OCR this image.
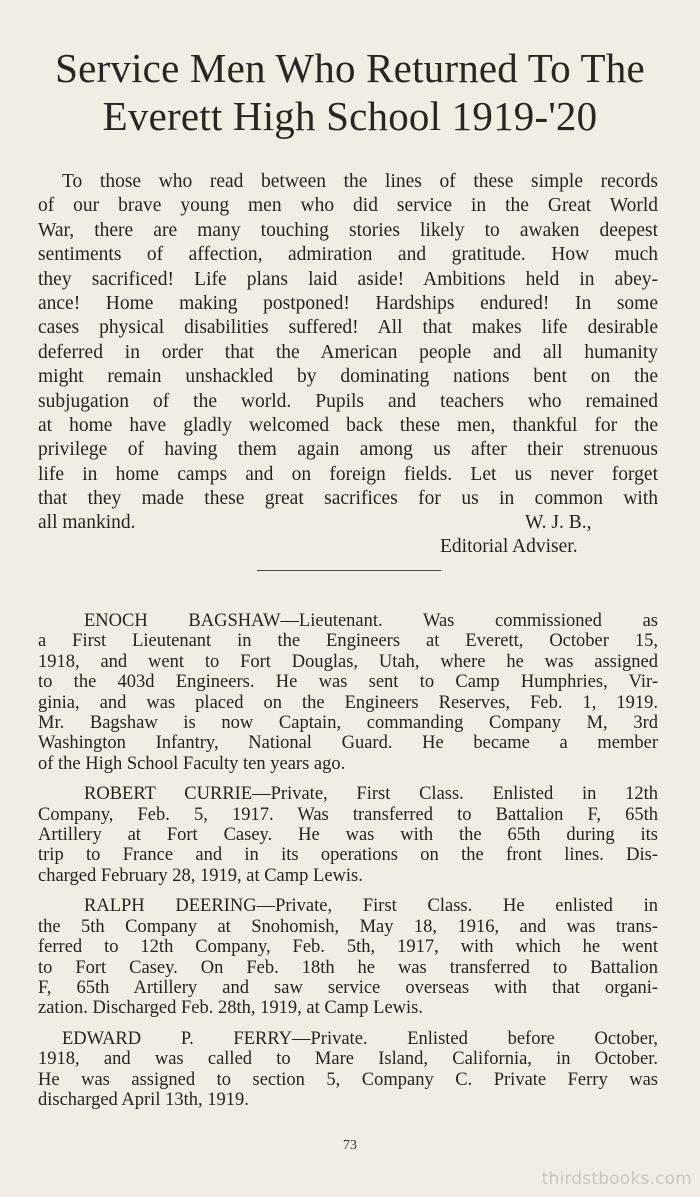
Service Men Who Returned To The
Everett High School 1919-'20
To those who read between the lines of these simple records
of our brave young men who did service in the Great World
War, there are many touching stories likely to awaken deepest
sentiments of affection, admiration and gratitude. How much
they sacrificed! Life plans laid aside! Ambitions held in abey-
ance! Home making postponed! Hardships endured! In some
cases physical disabilities suffered! All that makes life desirable
deferred in order that the American people and all humanity
might remain unshackled by dominating nations bent on the
subjugation of the world. Pupils and teachers who remained
at home have gladly welcomed back these men, thankful for the
privilege of having them again among us after their strenuous
life in home camps and on foreign fields. Let us never forget
that they made these great sacrifices for us in common with
all mankind.	W. J. B.,
Editorial Adviser.
ENOCH BAGSHAW—Lieutenant. Was commissioned as
a First Lieutenant in the Engineers at Everett, October 15,
1918, and went to Fort Douglas, Utah, where he was assigned
to the 403d Engineers. He was sent to Camp Humphries, Vir-
ginia, and was placed on the Engineers Reserves, Feb. 1, 1919.
Mr. Bagshaw is now Captain, commanding Company M, 3rd
Washington Infantry, National Guard. He became a member
of the High School Faculty ten years ago.
ROBERT CURRIE—Private, First Class. Enlisted in 12th
Company, Feb. 5, 1917. Was transferred to Battalion F, 65th
Artillery at Fort Casey. He was with the 65th during its
trip to France and in its operations on the front lines. Dis-
charged February 28, 1919, at Camp Lewis.
RALPH DEERING—Private, First Class. He enlisted in
the 5th Company at Snohomish, May 18, 1916, and was trans-
ferred to 12th Company, Feb. 5th, 1917, with which he went
to Fort Casey. On Feb. 18th he was transferred to Battalion
F, 65th Artillery and saw service overseas with that organi-
zation. Discharged Feb. 28th, 1919, at Camp Lewis.
EDWARD P. FERRY—Private. Enlisted before October,
1918, and was called to Mare Island, California, in October.
He was assigned to section 5, Company C. Private Ferry was
discharged April 13th, 1919.
73
thirdstbooks.com
